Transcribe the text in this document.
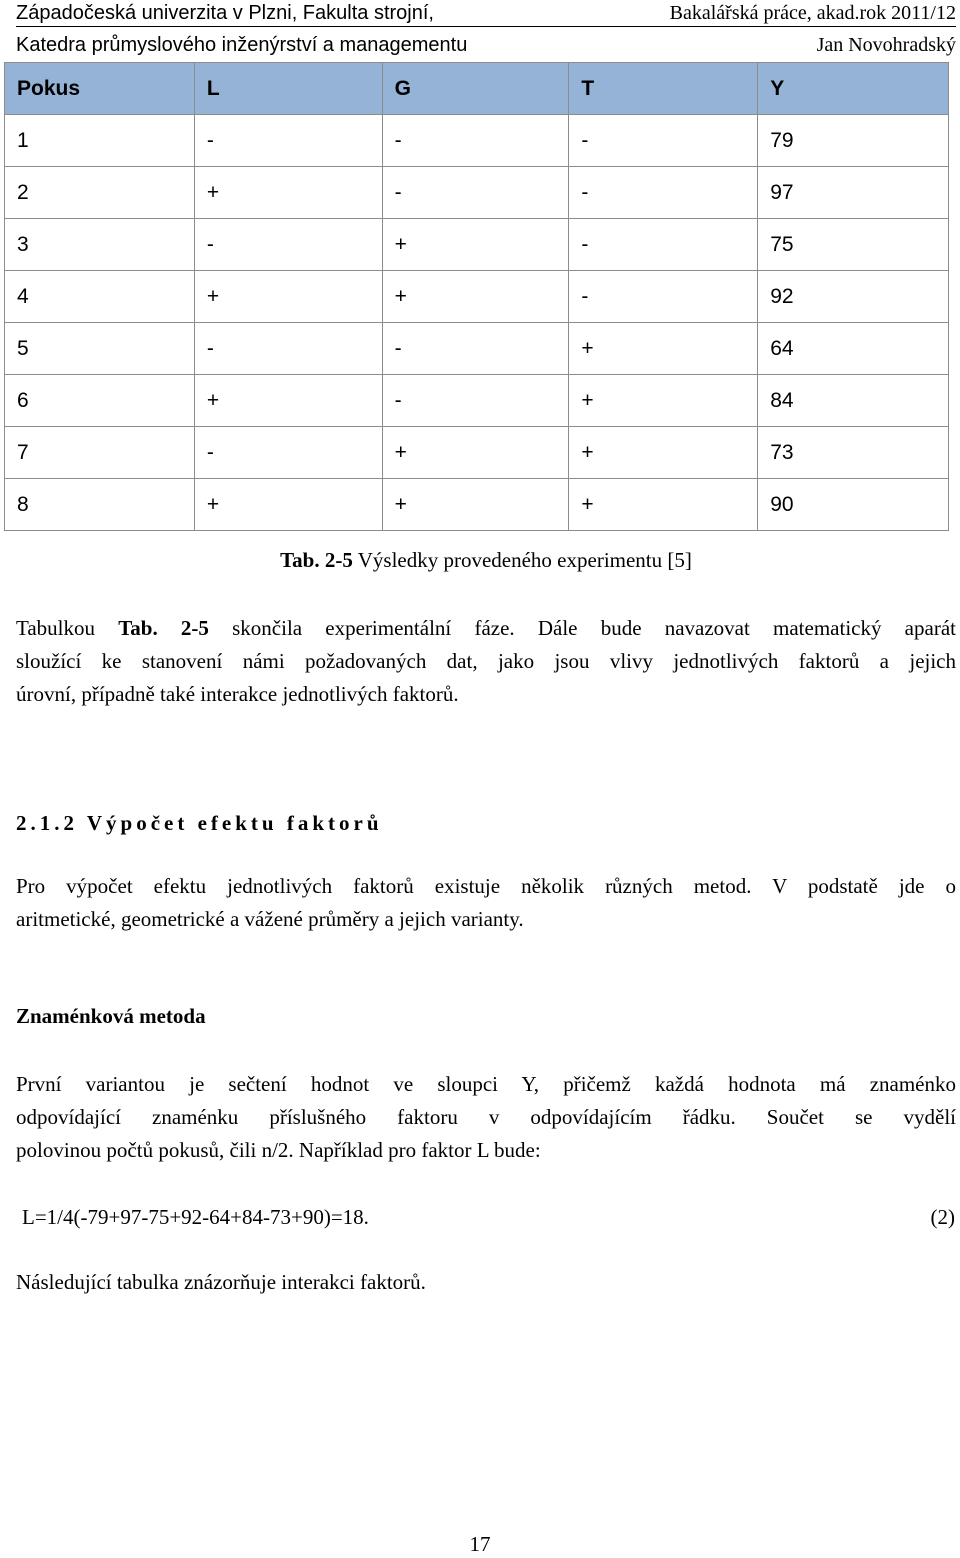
Západočeská univerzita v Plzni, Fakulta strojní,	Bakalářská práce, akad.rok 2011/12
Katedra průmyslového inženýrství a managementu	Jan Novohradský
Pokus	L	G	T	Y
1	-	-	-	79
2	+	-	-	97
3	-	+	-	75
4	+	+	-	92
5	-	-	+	64
6	+	-	+	84
7	-	+	+	73
8	+	+	+	90
Tab. 2-5 Výsledky provedeného experimentu [5]
Tabulkou Tab. 2-5 skončila experimentální fáze. Dále bude navazovat matematický aparát
sloužící ke stanovení námi požadovaných dat, jako jsou vlivy jednotlivých faktorů a jejich
úrovní, případně také interakce jednotlivých faktorů.
2.1.2 Výpočet efektu faktorů
Pro výpočet efektu jednotlivých faktorů existuje několik různých metod. V podstatě jde o
aritmetické, geometrické a vážené průměry a jejich varianty.
Znaménková metoda
První variantou je sečtení hodnot ve sloupci Y, přičemž každá hodnota má znaménko
odpovídající znaménku příslušného faktoru v odpovídajícím řádku. Součet se vydělí
polovinou počtů pokusů, čili n/2. Například pro faktor L bude:
L=1/4(-79+97-75+92-64+84-73+90)=18.	(2)
Následující tabulka znázorňuje interakci faktorů.
17
